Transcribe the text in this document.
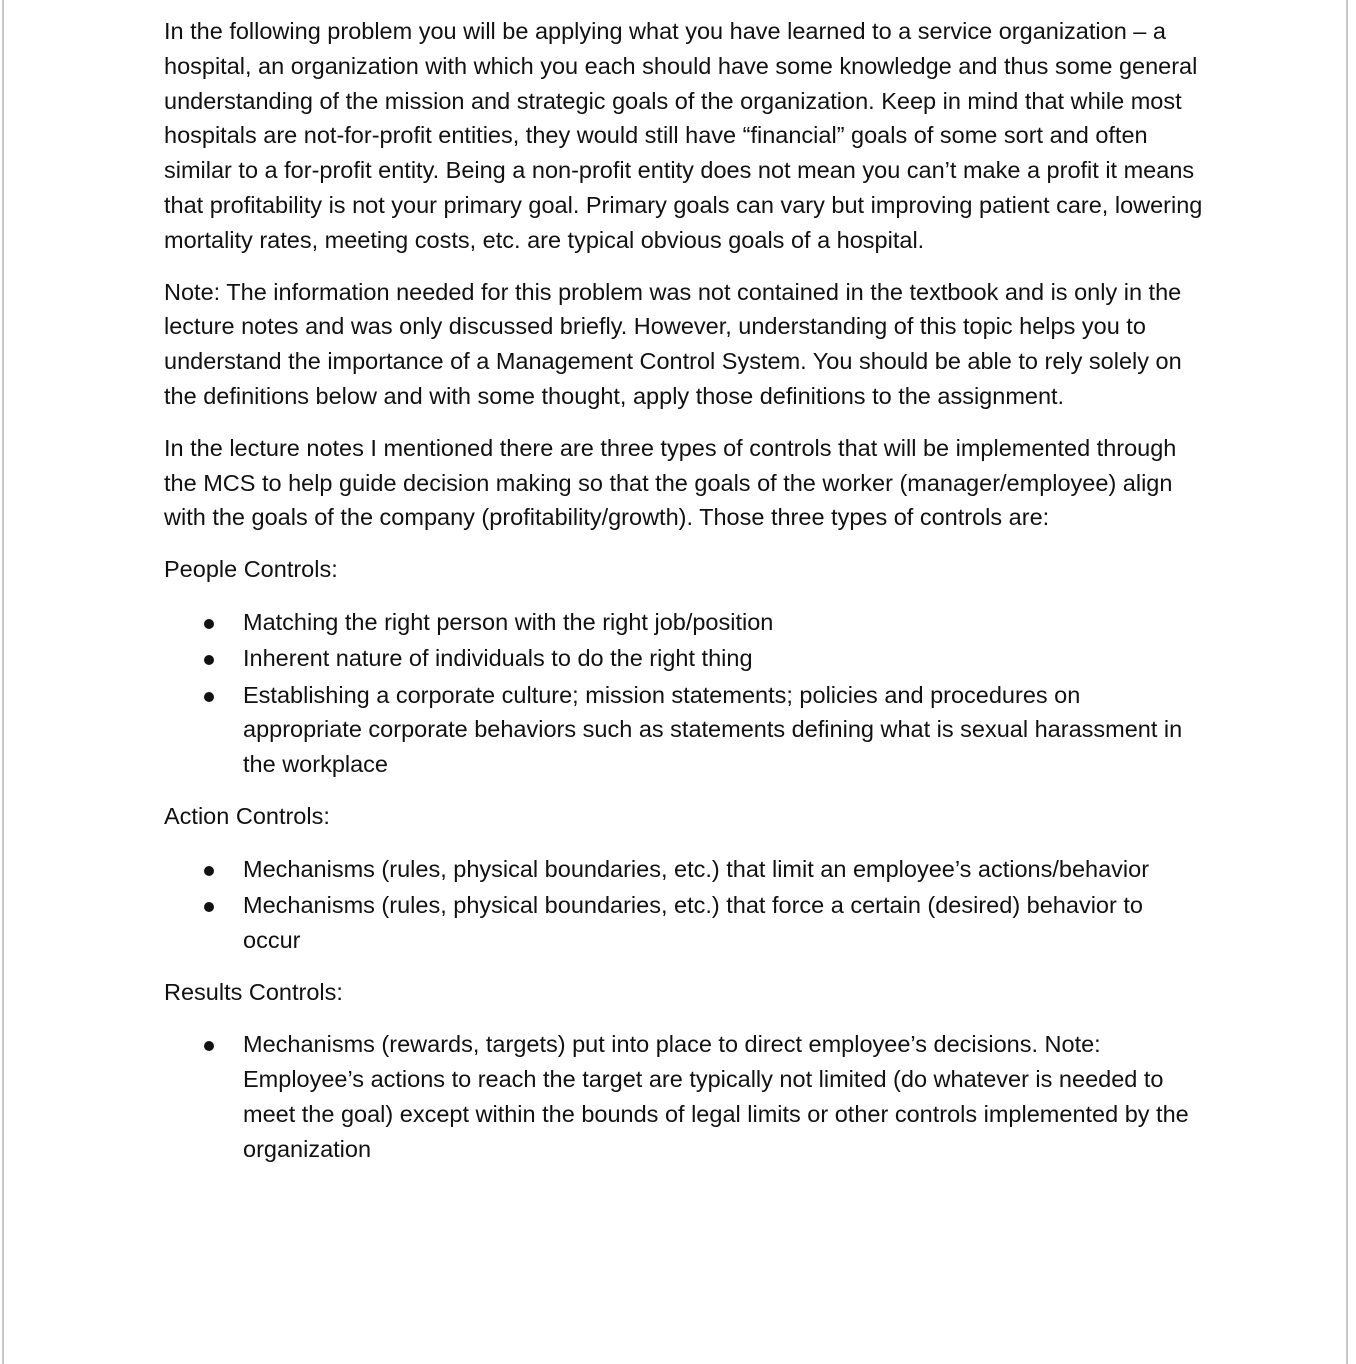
In the following problem you will be applying what you have learned to a service organization – a hospital, an organization with which you each should have some knowledge and thus some general understanding of the mission and strategic goals of the organization. Keep in mind that while most hospitals are not-for-profit entities, they would still have “financial” goals of some sort and often similar to a for-profit entity. Being a non-profit entity does not mean you can’t make a profit it means that profitability is not your primary goal. Primary goals can vary but improving patient care, lowering mortality rates, meeting costs, etc. are typical obvious goals of a hospital.

Note: The information needed for this problem was not contained in the textbook and is only in the lecture notes and was only discussed briefly. However, understanding of this topic helps you to understand the importance of a Management Control System. You should be able to rely solely on the definitions below and with some thought, apply those definitions to the assignment.

In the lecture notes I mentioned there are three types of controls that will be implemented through the MCS to help guide decision making so that the goals of the worker (manager/employee) align with the goals of the company (profitability/growth). Those three types of controls are:

People Controls:

Matching the right person with the right job/position
Inherent nature of individuals to do the right thing
Establishing a corporate culture; mission statements; policies and procedures on appropriate corporate behaviors such as statements defining what is sexual harassment in the workplace

Action Controls:

Mechanisms (rules, physical boundaries, etc.) that limit an employee’s actions/behavior
Mechanisms (rules, physical boundaries, etc.) that force a certain (desired) behavior to occur

Results Controls:

Mechanisms (rewards, targets) put into place to direct employee’s decisions. Note: Employee’s actions to reach the target are typically not limited (do whatever is needed to meet the goal) except within the bounds of legal limits or other controls implemented by the organization
